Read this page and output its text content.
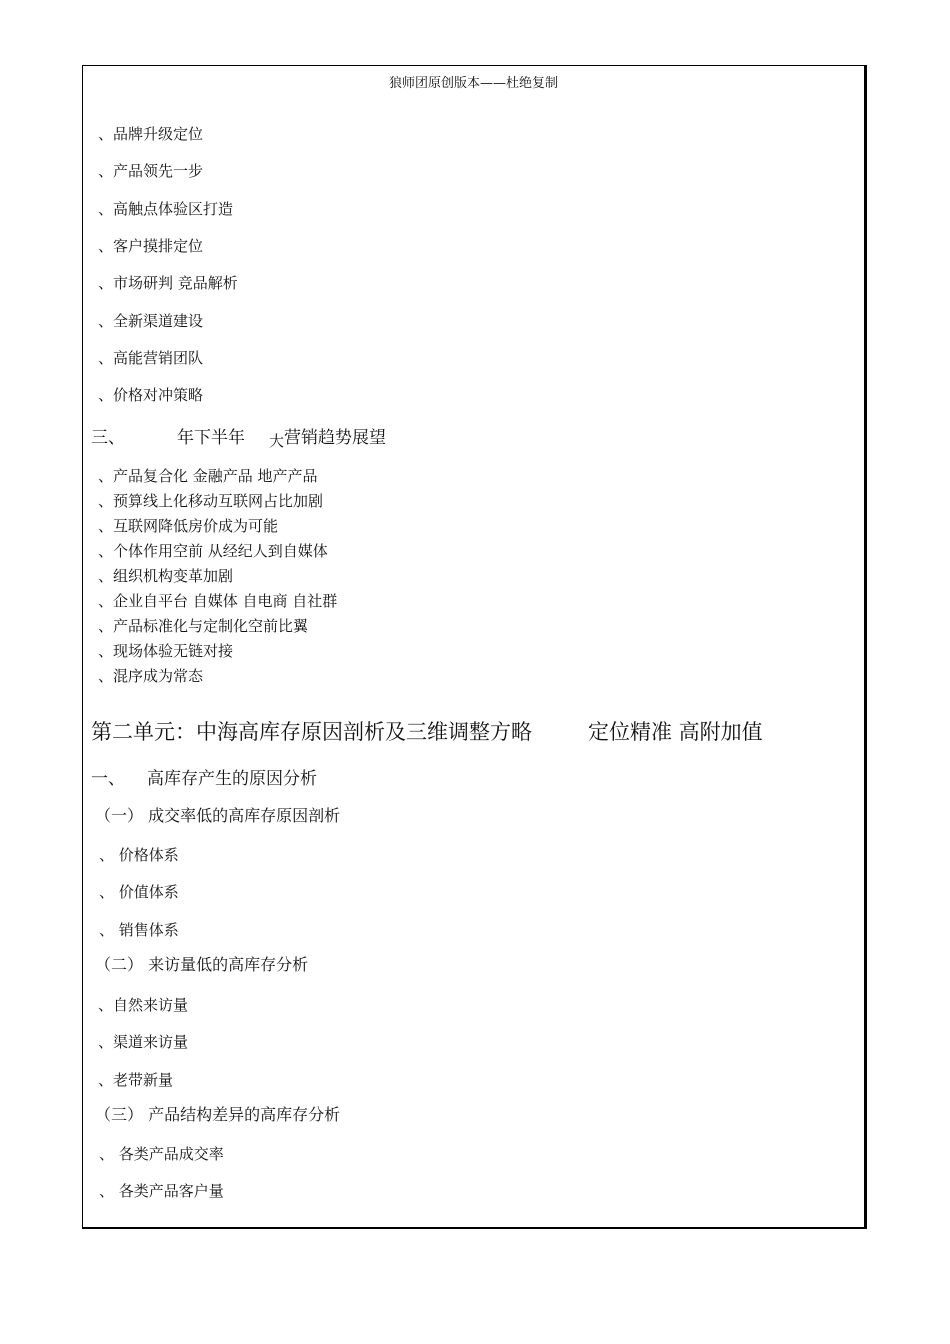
狼师团原创版本——杜绝复制
、品牌升级定位
、产品领先一步
、高触点体验区打造
、客户摸排定位
、市场研判 竞品解析
、全新渠道建设
、高能营销团队
、价格对冲策略
三、	年下半年 大营销趋势展望
、产品复合化 金融产品 地产产品
、预算线上化移动互联网占比加剧
、互联网降低房价成为可能
、个体作用空前 从经纪人到自媒体
、组织机构变革加剧
、企业自平台 自媒体 自电商 自社群
、产品标准化与定制化空前比翼
、现场体验无链对接
、混序成为常态
第二单元：中海高库存原因剖析及三维调整方略	定位精准 高附加值
一、 高库存产生的原因分析
（一） 成交率低的高库存原因剖析
、 价格体系
、 价值体系
、 销售体系
（二） 来访量低的高库存分析
、自然来访量
、渠道来访量
、老带新量
（三） 产品结构差异的高库存分析
、 各类产品成交率
、 各类产品客户量
